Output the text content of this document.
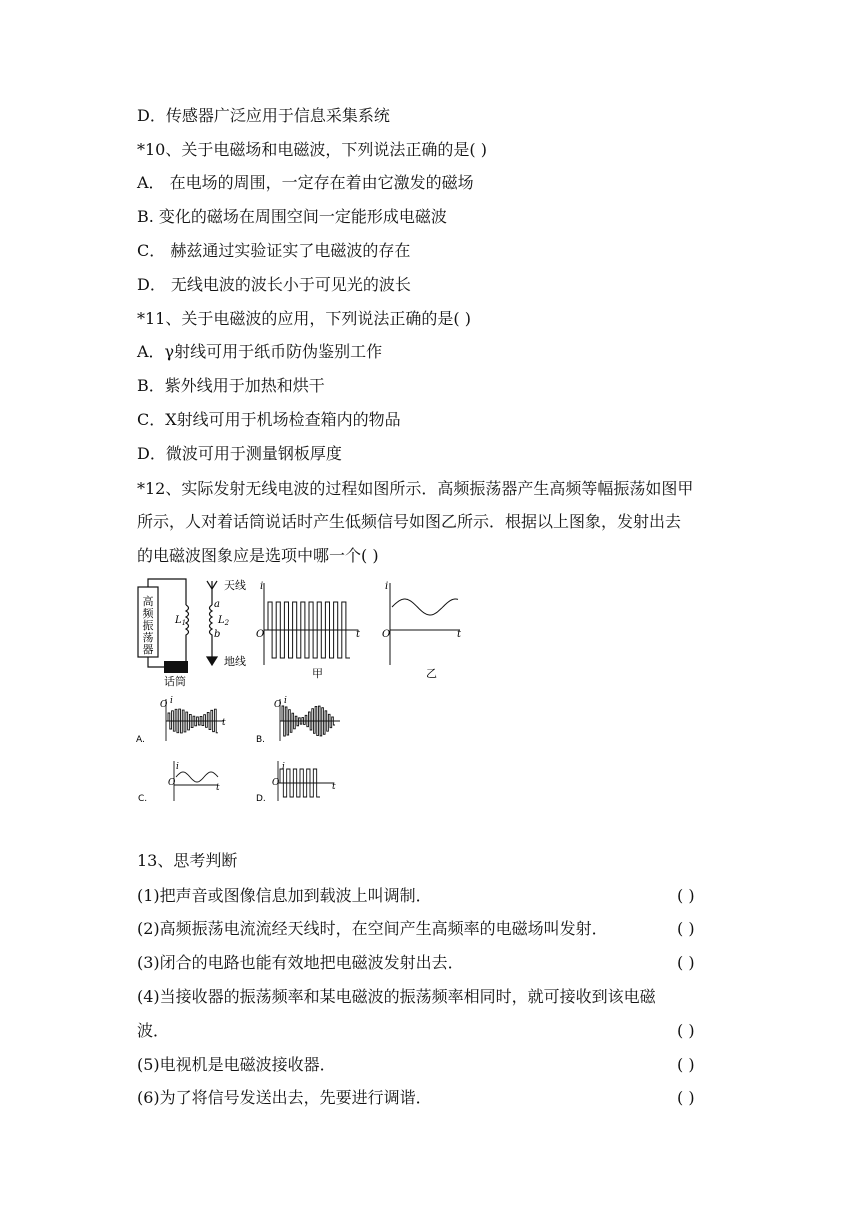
D．传感器广泛应用于信息采集系统
*10、关于电磁场和电磁波，下列说法正确的是( )
A． 在电场的周围，一定存在着由它激发的磁场
B. 变化的磁场在周围空间一定能形成电磁波
C． 赫兹通过实验证实了电磁波的存在
D． 无线电波的波长小于可见光的波长
*11、关于电磁波的应用，下列说法正确的是( )
A．γ射线可用于纸币防伪鉴别工作
B．紫外线用于加热和烘干
C．X射线可用于机场检查箱内的物品
D．微波可用于测量钢板厚度
*12、实际发射无线电波的过程如图所示．高频振荡器产生高频等幅振荡如图甲
所示，人对着话筒说话时产生低频信号如图乙所示．根据以上图象，发射出去
的电磁波图象应是选项中哪一个( )
高频振荡器
天线
地线
话筒
a
b
$L_1$	$L_2$
i
t
O
甲
i
t
O
乙
A.
O i
t
B.
O i
C.
O
i
t
D.
O
i
t
13、思考判断
(1)把声音或图像信息加到载波上叫调制．	( )
(2)高频振荡电流流经天线时，在空间产生高频率的电磁场叫发射．	( )
(3)闭合的电路也能有效地把电磁波发射出去．	( )
(4)当接收器的振荡频率和某电磁波的振荡频率相同时，就可接收到该电磁
波．	( )
(5)电视机是电磁波接收器．	( )
(6)为了将信号发送出去，先要进行调谐．	( )
